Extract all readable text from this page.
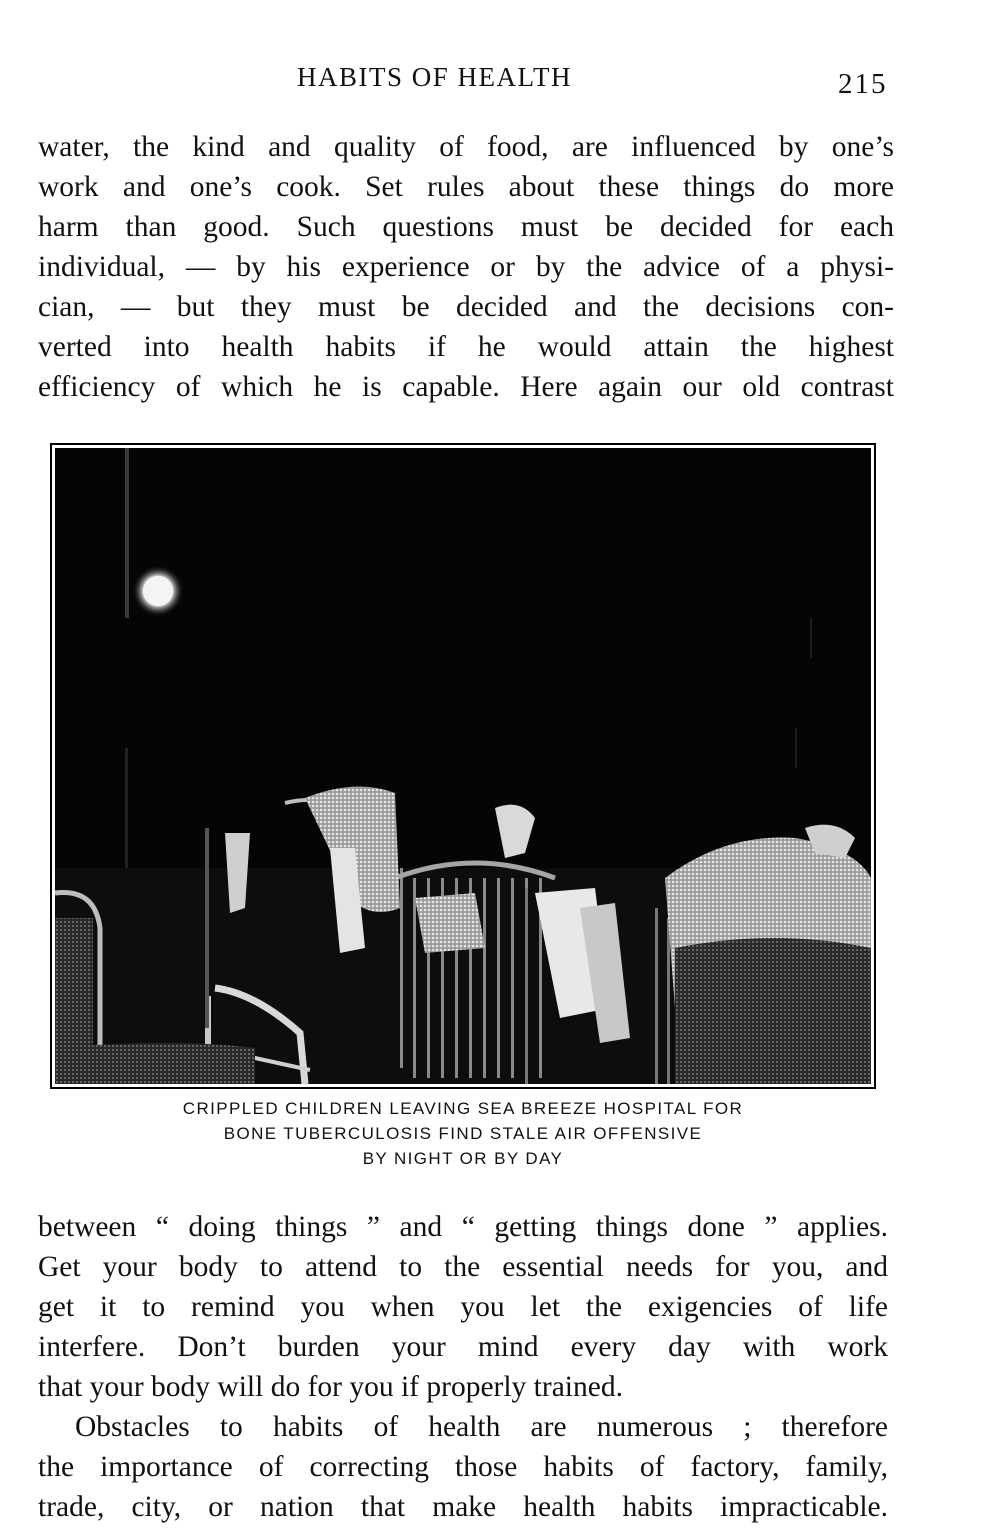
HABITS OF HEALTH	215

water, the kind and quality of food, are influenced by one’s
work and one’s cook. Set rules about these things do more
harm than good. Such questions must be decided for each
individual, — by his experience or by the advice of a physi-
cian, — but they must be decided and the decisions con-
verted into health habits if he would attain the highest
efficiency of which he is capable. Here again our old contrast

CRIPPLED CHILDREN LEAVING SEA BREEZE HOSPITAL FOR
BONE TUBERCULOSIS FIND STALE AIR OFFENSIVE
BY NIGHT OR BY DAY

between “ doing things ” and “ getting things done ” applies.
Get your body to attend to the essential needs for you, and
get it to remind you when you let the exigencies of life
interfere. Don’t burden your mind every day with work
that your body will do for you if properly trained.

Obstacles to habits of health are numerous ; therefore
the importance of correcting those habits of factory, family,
trade, city, or nation that make health habits impracticable.
